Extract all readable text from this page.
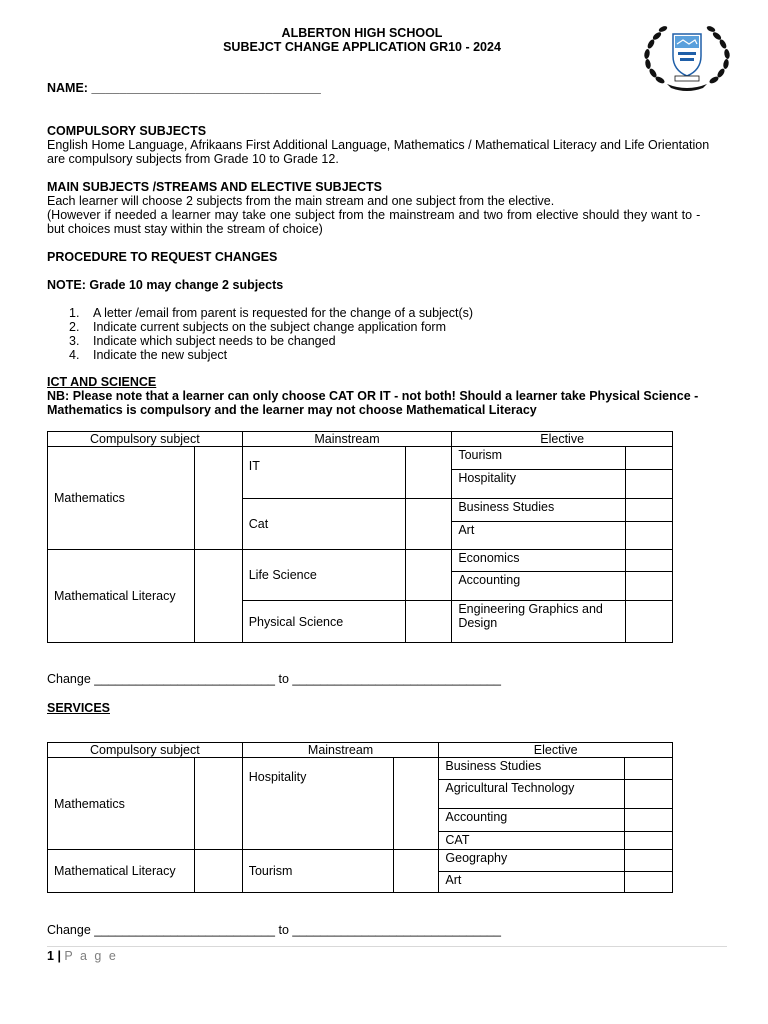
ALBERTON HIGH SCHOOL
SUBEJCT CHANGE APPLICATION GR10 - 2024
NAME: _________________________________
COMPULSORY SUBJECTS
English Home Language, Afrikaans First Additional Language, Mathematics / Mathematical Literacy and Life Orientation
are compulsory subjects from Grade 10 to Grade 12.
MAIN SUBJECTS /STREAMS AND ELECTIVE SUBJECTS
Each learner will choose 2 subjects from the main stream and one subject from the elective.
(However if needed a learner may take one subject from the mainstream and two from elective should they want to -
but choices must stay within the stream of choice)
PROCEDURE TO REQUEST CHANGES
NOTE: Grade 10 may change 2 subjects
1. A letter /email from parent is requested for the change of a subject(s)
2. Indicate current subjects on the subject change application form
3. Indicate which subject needs to be changed
4. Indicate the new subject
ICT AND SCIENCE
NB: Please note that a learner can only choose CAT OR IT - not both! Should a learner take Physical Science -
Mathematics is compulsory and the learner may not choose Mathematical Literacy
Compulsory subject		Mainstream		Elective	
Mathematics		IT		Tourism	
				Hospitality	
		Cat		Business Studies	
				Art	
Mathematical Literacy		Life Science		Economics	
				Accounting	
		Physical Science		Engineering Graphics and Design	
Change __________________________ to ______________________________
SERVICES
Compulsory subject		Mainstream		Elective	
Mathematics		Hospitality		Business Studies	
				Agricultural Technology	
				Accounting	
				CAT	
Mathematical Literacy		Tourism		Geography	
				Art	
Change __________________________ to ______________________________
1 | P a g e
